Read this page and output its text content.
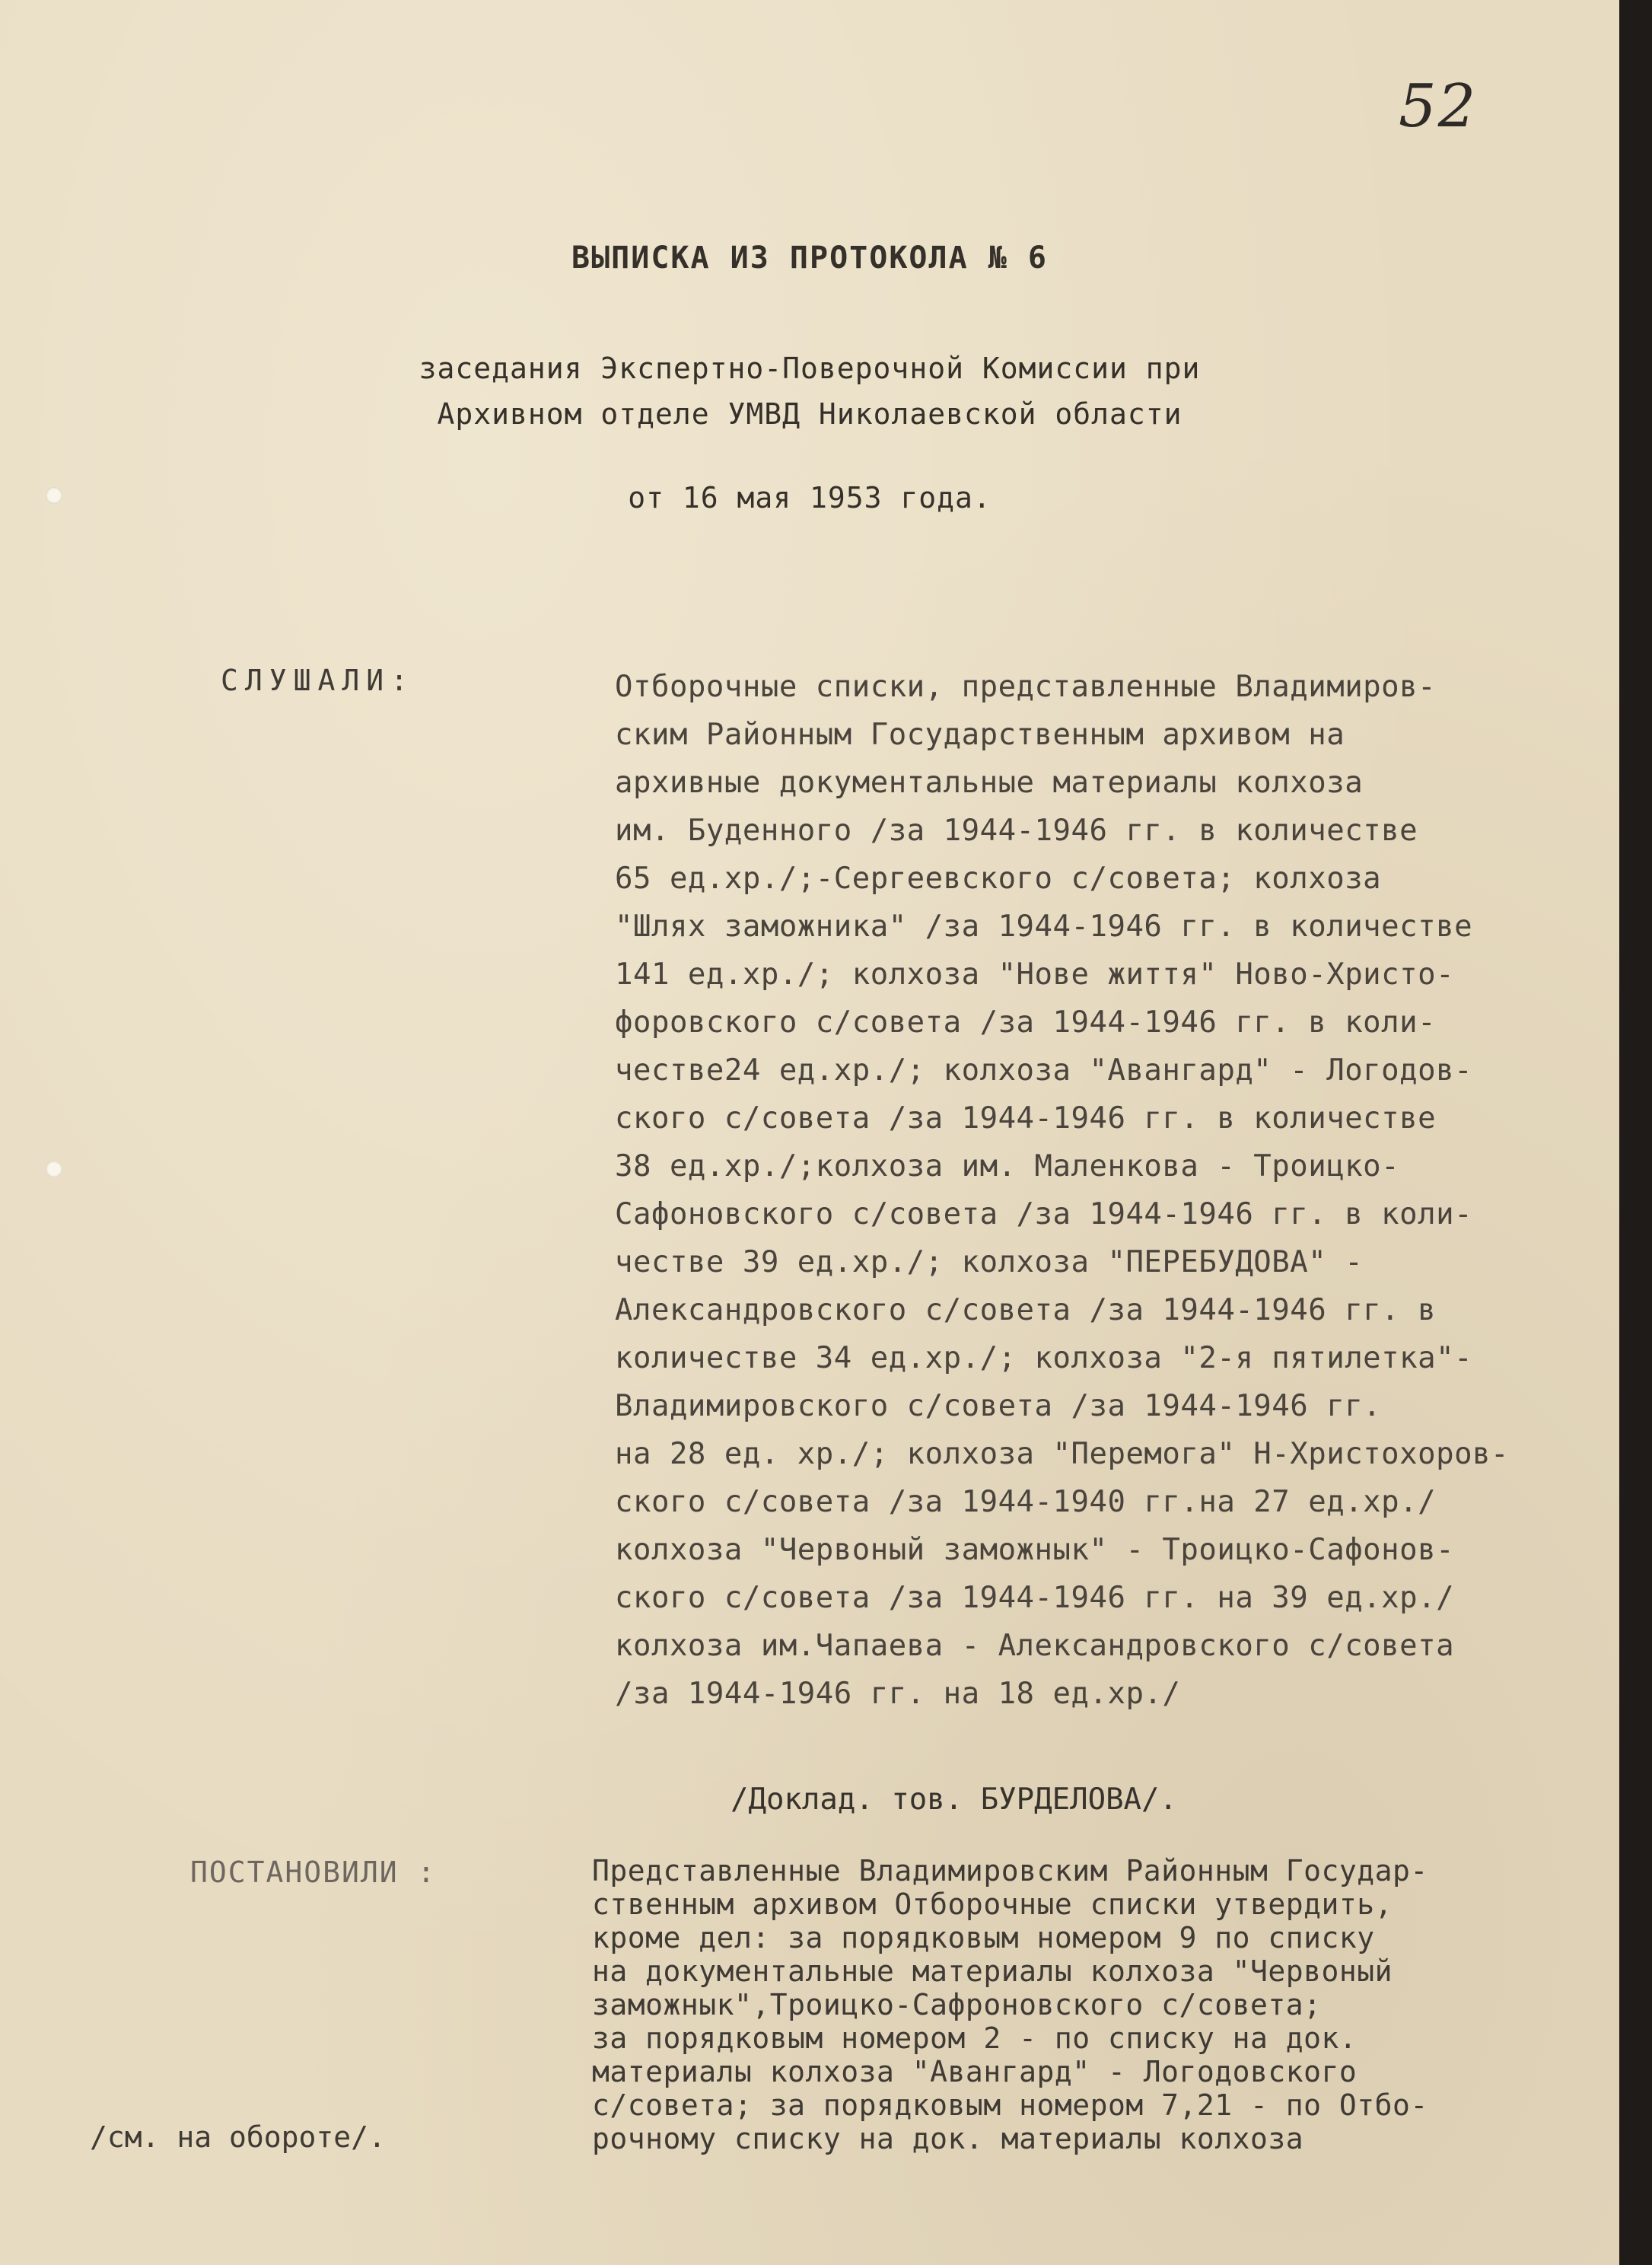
52
ВЫПИСКА ИЗ ПРОТОКОЛА № 6
заседания Экспертно-Поверочной Комиссии при
Архивном отделе УМВД Николаевской области
от 16 мая 1953 года.
СЛУШАЛИ:	Отборочные списки, представленные Владимиров-
ским Районным Государственным архивом на
архивные документальные материалы колхоза
им. Буденного /за 1944-1946 гг. в количестве
65 ед.хр./;-Сергеевского с/совета; колхоза
"Шлях заможника" /за 1944-1946 гг. в количестве
141 ед.хр./; колхоза "Нове життя" Ново-Христо-
форовского с/совета /за 1944-1946 гг. в коли-
честве24 ед.хр./; колхоза "Авангард" - Логодов-
ского с/совета /за 1944-1946 гг. в количестве
38 ед.хр./;колхоза им. Маленкова - Троицко-
Сафоновского с/совета /за 1944-1946 гг. в коли-
честве 39 ед.хр./; колхоза "ПЕРЕБУДОВА" -
Александровского с/совета /за 1944-1946 гг. в
количестве 34 ед.хр./; колхоза "2-я пятилетка"-
Владимировского с/совета /за 1944-1946 гг.
на 28 ед. хр./; колхоза "Перемога" Н-Христохоров-
ского с/совета /за 1944-1940 гг.на 27 ед.хр./
колхоза "Червоный заможнык" - Троицко-Сафонов-
ского с/совета /за 1944-1946 гг. на 39 ед.хр./
колхоза им.Чапаева - Александровского с/совета
/за 1944-1946 гг. на 18 ед.хр./
/Доклад. тов. БУРДЕЛОВА/.
ПОСТАНОВИЛИ :	Представленные Владимировским Районным Государ-
ственным архивом Отборочные списки утвердить,
кроме дел: за порядковым номером 9 по списку
на документальные материалы колхоза "Червоный
заможнык",Троицко-Сафроновского с/совета;
за порядковым номером 2 - по списку на док.
материалы колхоза "Авангард" - Логодовского
с/совета; за порядковым номером 7,21 - по Отбо-
рочному списку на док. материалы колхоза
/см. на обороте/.
